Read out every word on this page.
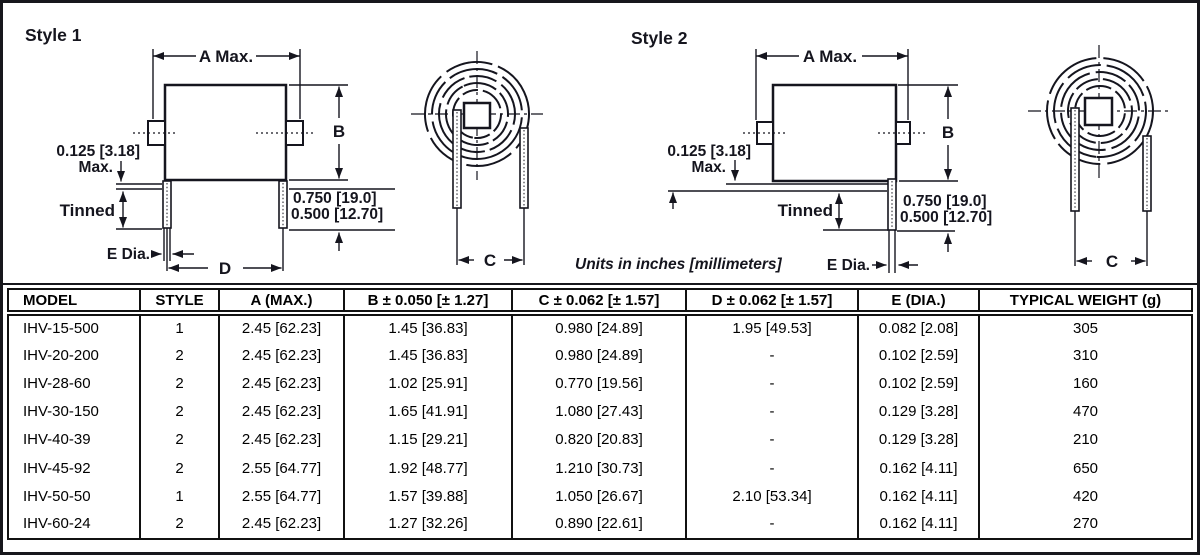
Style 1
A Max.
B
0.125 [3.18]
Max.
Tinned
0.750 [19.0]
0.500 [12.70]
E Dia.
D	C	Units in inches [millimeters]
Style 2
A Max.
B
0.125 [3.18]
Max.
Tinned	0.750 [19.0]
0.500 [12.70]
E Dia.	C
MODEL	STYLE	A (MAX.)	B ± 0.050 [± 1.27]	C ± 0.062 [± 1.57]	D ± 0.062 [± 1.57]	E (DIA.)	TYPICAL WEIGHT (g)
IHV-15-500	1	2.45 [62.23]	1.45 [36.83]	0.980 [24.89]	1.95 [49.53]	0.082 [2.08]	305
IHV-20-200	2	2.45 [62.23]	1.45 [36.83]	0.980 [24.89]	-	0.102 [2.59]	310
IHV-28-60	2	2.45 [62.23]	1.02 [25.91]	0.770 [19.56]	-	0.102 [2.59]	160
IHV-30-150	2	2.45 [62.23]	1.65 [41.91]	1.080 [27.43]	-	0.129 [3.28]	470
IHV-40-39	2	2.45 [62.23]	1.15 [29.21]	0.820 [20.83]	-	0.129 [3.28]	210
IHV-45-92	2	2.55 [64.77]	1.92 [48.77]	1.210 [30.73]	-	0.162 [4.11]	650
IHV-50-50	1	2.55 [64.77]	1.57 [39.88]	1.050 [26.67]	2.10 [53.34]	0.162 [4.11]	420
IHV-60-24	2	2.45 [62.23]	1.27 [32.26]	0.890 [22.61]	-	0.162 [4.11]	270
